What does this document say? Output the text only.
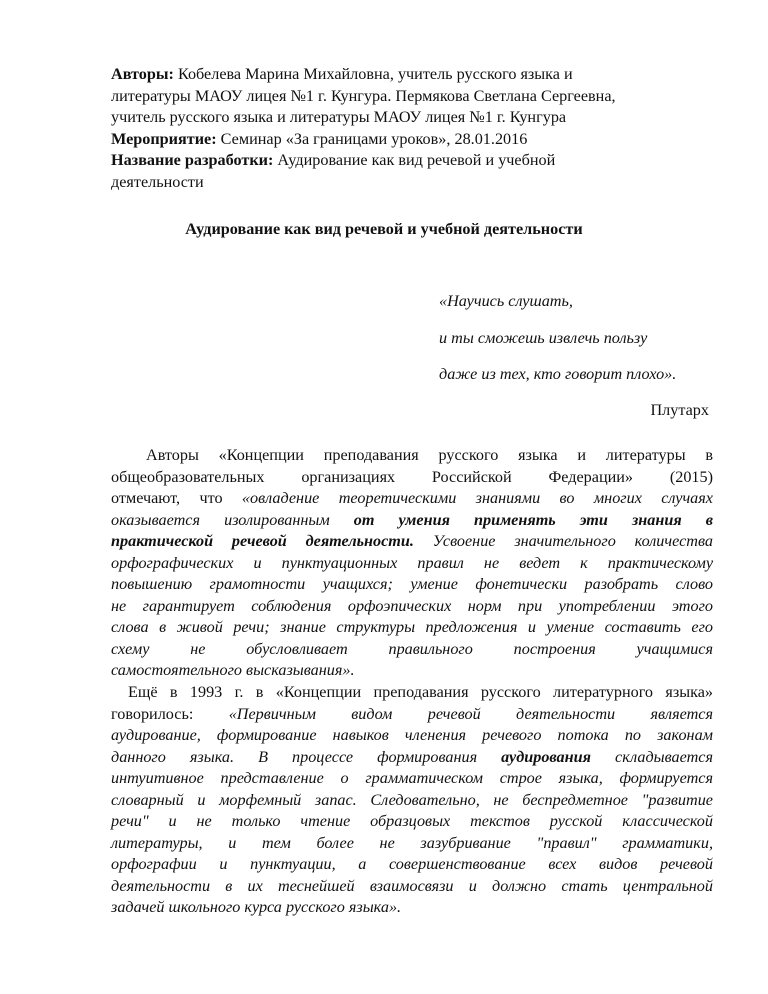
Авторы: Кобелева Марина Михайловна, учитель русского языка и
литературы МАОУ лицея №1 г. Кунгура. Пермякова Светлана Сергеевна,
учитель русского языка и литературы МАОУ лицея №1 г. Кунгура
Мероприятие: Семинар «За границами уроков», 28.01.2016
Название разработки: Аудирование как вид речевой и учебной
деятельности
Аудирование как вид речевой и учебной деятельности
«Научись слушать,
и ты сможешь извлечь пользу
даже из тех, кто говорит плохо».
Плутарх
Авторы «Концепции преподавания русского языка и литературы в
общеобразовательных организациях Российской Федерации» (2015)
отмечают, что «овладение теоретическими знаниями во многих случаях
оказывается изолированным от умения применять эти знания в
практической речевой деятельности. Усвоение значительного количества
орфографических и пунктуационных правил не ведет к практическому
повышению грамотности учащихся; умение фонетически разобрать слово
не гарантирует соблюдения орфоэпических норм при употреблении этого
слова в живой речи; знание структуры предложения и умение составить его
схему не обусловливает правильного построения учащимися
самостоятельного высказывания».
Ещё в 1993 г. в «Концепции преподавания русского литературного языка»
говорилось: «Первичным видом речевой деятельности является
аудирование, формирование навыков членения речевого потока по законам
данного языка. В процессе формирования аудирования складывается
интуитивное представление о грамматическом строе языка, формируется
словарный и морфемный запас. Следовательно, не беспредметное "развитие
речи" и не только чтение образцовых текстов русской классической
литературы, и тем более не зазубривание "правил" грамматики,
орфографии и пунктуации, а совершенствование всех видов речевой
деятельности в их теснейшей взаимосвязи и должно стать центральной
задачей школьного курса русского языка».
